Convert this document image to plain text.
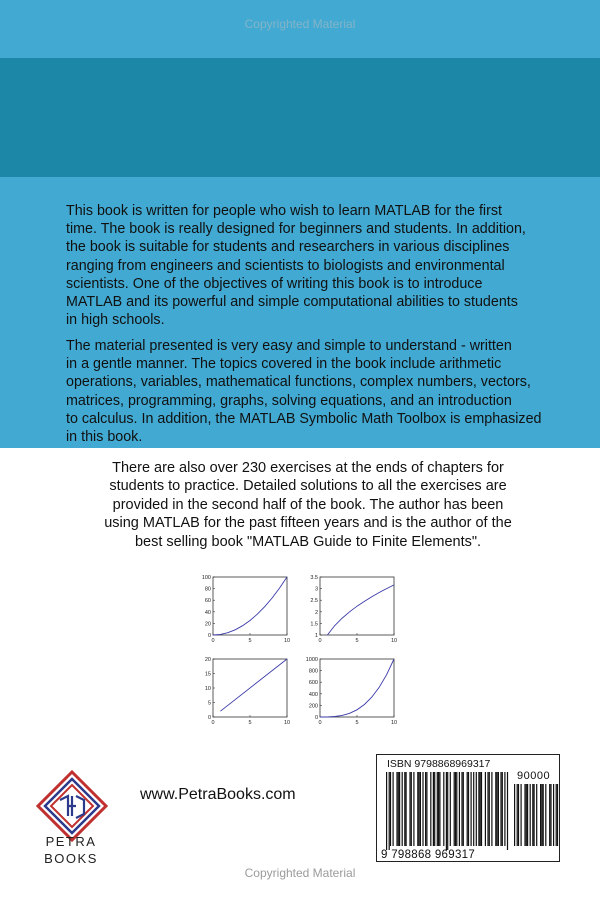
Copyrighted Material
This book is written for people who wish to learn MATLAB for the first
time. The book is really designed for beginners and students. In addition,
the book is suitable for students and researchers in various disciplines
ranging from engineers and scientists to biologists and environmental
scientists. One of the objectives of writing this book is to introduce
MATLAB and its powerful and simple computational abilities to students
in high schools.
The material presented is very easy and simple to understand - written
in a gentle manner. The topics covered in the book include arithmetic
operations, variables, mathematical functions, complex numbers, vectors,
matrices, programming, graphs, solving equations, and an introduction
to calculus. In addition, the MATLAB Symbolic Math Toolbox is emphasized
in this book.
There are also over 230 exercises at the ends of chapters for
students to practice. Detailed solutions to all the exercises are
provided in the second half of the book. The author has been
using MATLAB for the past fifteen years and is the author of the
best selling book "MATLAB Guide to Finite Elements".
0	5	10
0
20
40
60
80
100
0	5	10
1
1.5
2
2.5
3
3.5
0	5	10
0
5
10
15
20
0	5	10
0
200
400
600
800
1000
PETRA
BOOKS
www.PetraBooks.com
ISBN 9798868969317
90000
9 798868 969317
Copyrighted Material
